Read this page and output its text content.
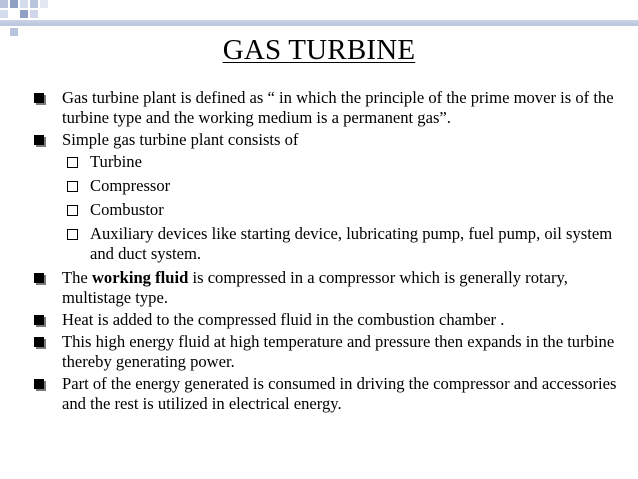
GAS TURBINE
Gas turbine plant is defined as “ in which the principle of the prime mover is of the turbine type and the working medium is a permanent gas”.
Simple gas turbine plant consists of
Turbine
Compressor
Combustor
Auxiliary devices like starting device, lubricating pump, fuel pump, oil system and duct system.
The working fluid is compressed in a compressor which is generally rotary, multistage type.
Heat is added to the compressed fluid in the combustion chamber .
This high energy fluid at high temperature and pressure then expands in the turbine thereby generating power.
Part of the energy generated is consumed in driving the compressor and accessories and the rest is utilized in electrical energy.
